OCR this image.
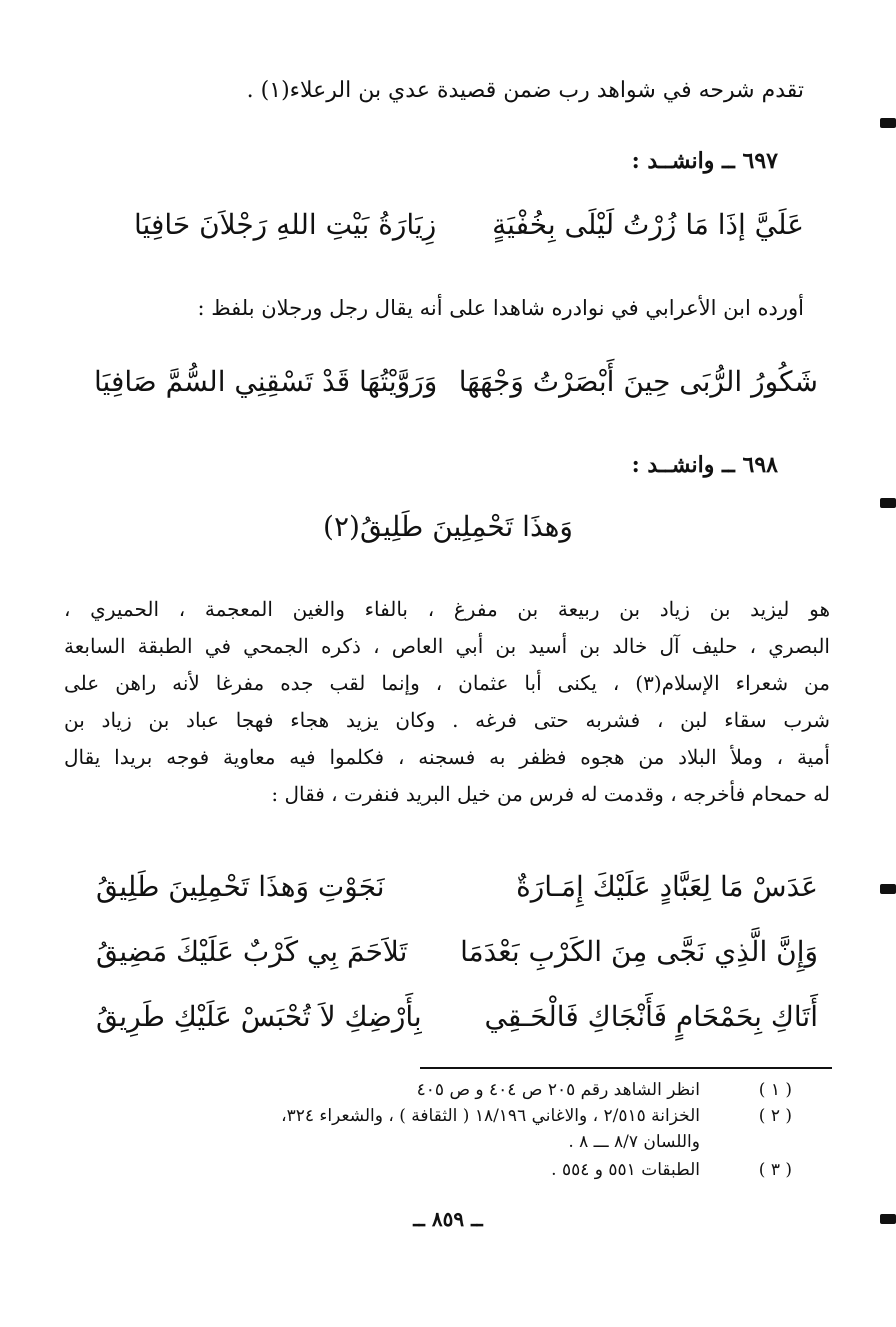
تقدم شرحه في شواهد رب ضمن قصيدة عدي بن الرعلاء(١) .
٦٩٧ ــ وانشــد :
عَلَيَّ إذَا مَا زُرْتُ لَيْلَى بِخُفْيَةٍ
زِيَارَةُ بَيْتِ اللهِ رَجْلاَنَ حَافِيَا
أورده ابن الأعرابي في نوادره شاهدا على أنه يقال رجل ورجلان بلفظ :
شَكُورُ الرُّبَى حِينَ أَبْصَرْتُ وَجْهَهَا
وَرَوَّيْتُهَا قَدْ تَسْقِنِي السُّمَّ صَافِيَا
٦٩٨ ــ وانشــد :
وَهذَا تَحْمِلِينَ طَلِيقُ(٢)
هو ليزيد بن زياد بن ربيعة بن مفرغ ، بالفاء والغين المعجمة ، الحميري ،
البصري ، حليف آل خالد بن أسيد بن أبي العاص ، ذكره الجمحي في الطبقة السابعة
من شعراء الإسلام(٣) ، يكنى أبا عثمان ، وإنما لقب جده مفرغا لأنه راهن على
شرب سقاء لبن ، فشربه حتى فرغه . وكان يزيد هجاء فهجا عباد بن زياد بن
أمية ، وملأ البلاد من هجوه فظفر به فسجنه ، فكلموا فيه معاوية فوجه بريدا يقال
له حمحام فأخرجه ، وقدمت له فرس من خيل البريد فنفرت ، فقال :
عَدَسْ مَا لِعَبَّادٍ عَلَيْكَ إِمَـارَةٌ
نَجَوْتِ وَهذَا تَحْمِلِينَ طَلِيقُ
وَإِنَّ الَّذِي نَجَّى مِنَ الكَرْبِ بَعْدَمَا
تَلاَحَمَ بِي كَرْبٌ عَلَيْكَ مَضِيقُ
أَتَاكِ بِحَمْحَامٍ فَأَنْجَاكِ فَالْحَـقِي
بِأَرْضِكِ لاَ تُحْبَسْ عَلَيْكِ طَرِيقُ
( ١ )
انظر الشاهد رقم ٢٠٥ ص ٤٠٤ و ص ٤٠٥
( ٢ )
الخزانة ٢/٥١٥ ، والاغاني ١٨/١٩٦ ( الثقافة ) ، والشعراء ٣٢٤،
واللسان ٨/٧ ـــ ٨ .
( ٣ )
الطبقات ٥٥١ و ٥٥٤ .
ــ ٨٥٩ ــ
